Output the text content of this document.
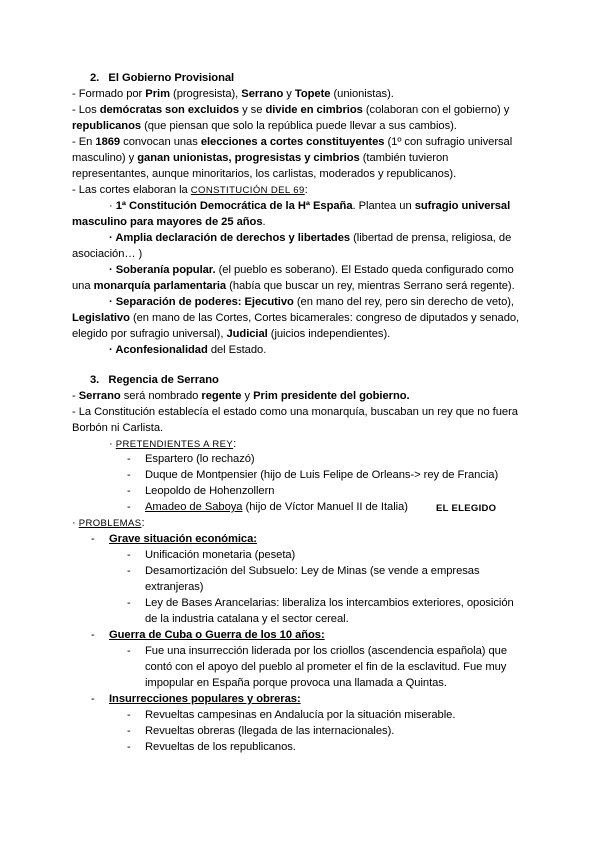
2. El Gobierno Provisional
- Formado por Prim (progresista), Serrano y Topete (unionistas).
- Los demócratas son excluidos y se divide en cimbrios (colaboran con el gobierno) y
republicanos (que piensan que solo la república puede llevar a sus cambios).
- En 1869 convocan unas elecciones a cortes constituyentes (1º con sufragio universal
masculino) y ganan unionistas, progresistas y cimbrios (también tuvieron
representantes, aunque minoritarios, los carlistas, moderados y republicanos).
- Las cortes elaboran la CONSTITUCIÓN DEL 69:
· 1ª Constitución Democrática de la Hª España. Plantea un sufragio universal
masculino para mayores de 25 años.
· Amplia declaración de derechos y libertades (libertad de prensa, religiosa, de
asociación… )
· Soberanía popular. (el pueblo es soberano). El Estado queda configurado como
una monarquía parlamentaria (había que buscar un rey, mientras Serrano será regente).
· Separación de poderes: Ejecutivo (en mano del rey, pero sin derecho de veto),
Legislativo (en mano de las Cortes, Cortes bicamerales: congreso de diputados y senado,
elegido por sufragio universal), Judicial (juicios independientes).
· Aconfesionalidad del Estado.
3. Regencia de Serrano
- Serrano será nombrado regente y Prim presidente del gobierno.
- La Constitución establecía el estado como una monarquía, buscaban un rey que no fuera
Borbón ni Carlista.
· PRETENDIENTES A REY:
- Espartero (lo rechazó)
- Duque de Montpensier (hijo de Luis Felipe de Orleans-> rey de Francia)
- Leopoldo de Hohenzollern
- Amadeo de Saboya (hijo de Víctor Manuel II de Italia)	EL ELEGIDO
· PROBLEMAS:
- Grave situación económica:
- Unificación monetaria (peseta)
- Desamortización del Subsuelo: Ley de Minas (se vende a empresas
extranjeras)
- Ley de Bases Arancelarias: liberaliza los intercambios exteriores, oposición
de la industria catalana y el sector cereal.
- Guerra de Cuba o Guerra de los 10 años:
- Fue una insurrección liderada por los criollos (ascendencia española) que
contó con el apoyo del pueblo al prometer el fin de la esclavitud. Fue muy
impopular en España porque provoca una llamada a Quintas.
- Insurrecciones populares y obreras:
- Revueltas campesinas en Andalucía por la situación miserable.
- Revueltas obreras (llegada de las internacionales).
- Revueltas de los republicanos.
